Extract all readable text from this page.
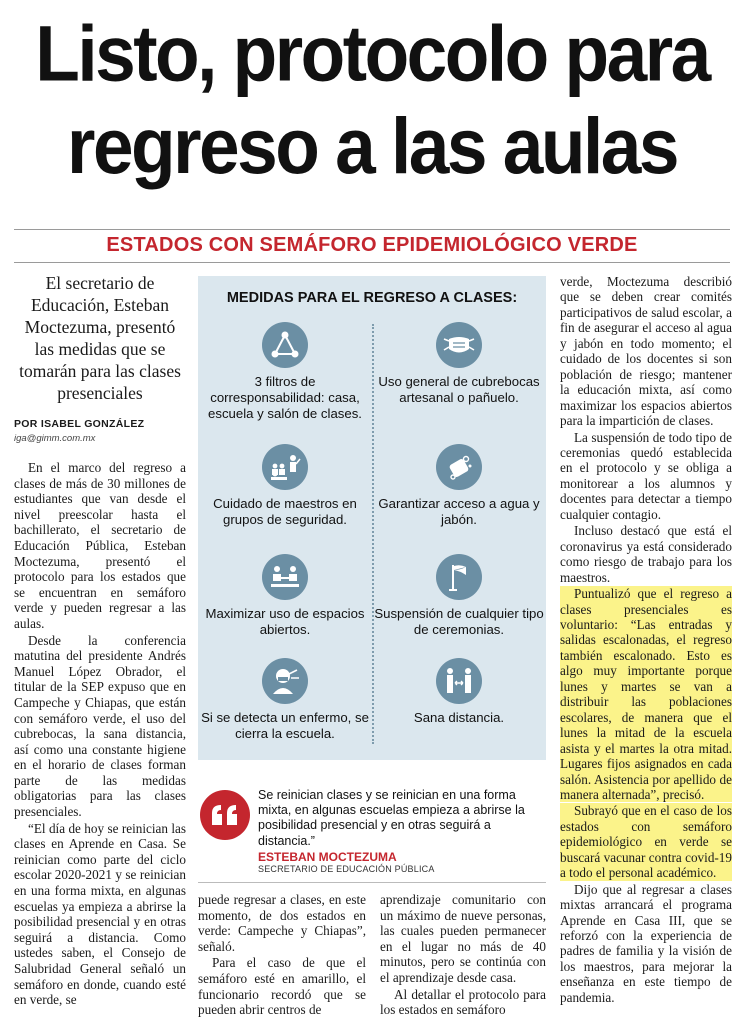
Listo, protocolo para
regreso a las aulas
ESTADOS CON SEMÁFORO EPIDEMIOLÓGICO VERDE
El secretario de Educación, Esteban Moctezuma, presentó las medidas que se tomarán para las clases presenciales
POR ISABEL GONZÁLEZ
iga@gimm.com.mx

En el marco del regreso a clases de más de 30 millones de estudiantes que van desde el nivel preescolar hasta el bachillerato, el secretario de Educación Pública, Esteban Moctezuma, presentó el protocolo para los estados que se encuentran en semáforo verde y pueden regresar a las aulas.

Desde la conferencia matutina del presidente Andrés Manuel López Obrador, el titular de la SEP expuso que en Campeche y Chiapas, que están con semáforo verde, el uso del cubrebocas, la sana distancia, así como una constante higiene en el horario de clases forman parte de las medidas obligatorias para las clases presenciales.

“El día de hoy se reinician las clases en Aprende en Casa. Se reinician como parte del ciclo escolar 2020-2021 y se reinician en una forma mixta, en algunas escuelas ya empieza a abrirse la posibilidad presencial y en otras seguirá a distancia. Como ustedes saben, el Consejo de Salubridad General señaló un semáforo en donde, cuando esté en verde, se

MEDIDAS PARA EL REGRESO A CLASES:
3 filtros de corresponsabilidad: casa, escuela y salón de clases.
Uso general de cubrebocas artesanal o pañuelo.
Cuidado de maestros en grupos de seguridad.
Garantizar acceso a agua y jabón.
Maximizar uso de espacios abiertos.
Suspensión de cualquier tipo de ceremonias.
Si se detecta un enfermo, se cierra la escuela.
Sana distancia.
Se reinician clases y se reinician en una forma mixta, en algunas escuelas empieza a abrirse la posibilidad presencial y en otras seguirá a distancia.”
ESTEBAN MOCTEZUMA
SECRETARIO DE EDUCACIÓN PÚBLICA

puede regresar a clases, en este momento, de dos estados en verde: Campeche y Chiapas”, señaló.

Para el caso de que el semáforo esté en amarillo, el funcionario recordó que se pueden abrir centros de

aprendizaje comunitario con un máximo de nueve personas, las cuales pueden permanecer en el lugar no más de 40 minutos, pero se continúa con el aprendizaje desde casa.

Al detallar el protocolo para los estados en semáforo

verde, Moctezuma describió que se deben crear comités participativos de salud escolar, a fin de asegurar el acceso al agua y jabón en todo momento; el cuidado de los docentes si son población de riesgo; mantener la educación mixta, así como maximizar los espacios abiertos para la impartición de clases.

La suspensión de todo tipo de ceremonias quedó establecida en el protocolo y se obliga a monitorear a los alumnos y docentes para detectar a tiempo cualquier contagio.

Incluso destacó que está el coronavirus ya está considerado como riesgo de trabajo para los maestros.

Puntualizó que el regreso a clases presenciales es voluntario: “Las entradas y salidas escalonadas, el regreso también escalonado. Esto es algo muy importante porque lunes y martes se van a distribuir las poblaciones escolares, de manera que el lunes la mitad de la escuela asista y el martes la otra mitad. Lugares fijos asignados en cada salón. Asistencia por apellido de manera alternada”, precisó.

Subrayó que en el caso de los estados con semáforo epidemiológico en verde se buscará vacunar contra covid-19 a todo el personal académico.

Dijo que al regresar a clases mixtas arrancará el programa Aprende en Casa III, que se reforzó con la experiencia de padres de familia y la visión de los maestros, para mejorar la enseñanza en este tiempo de pandemia.
